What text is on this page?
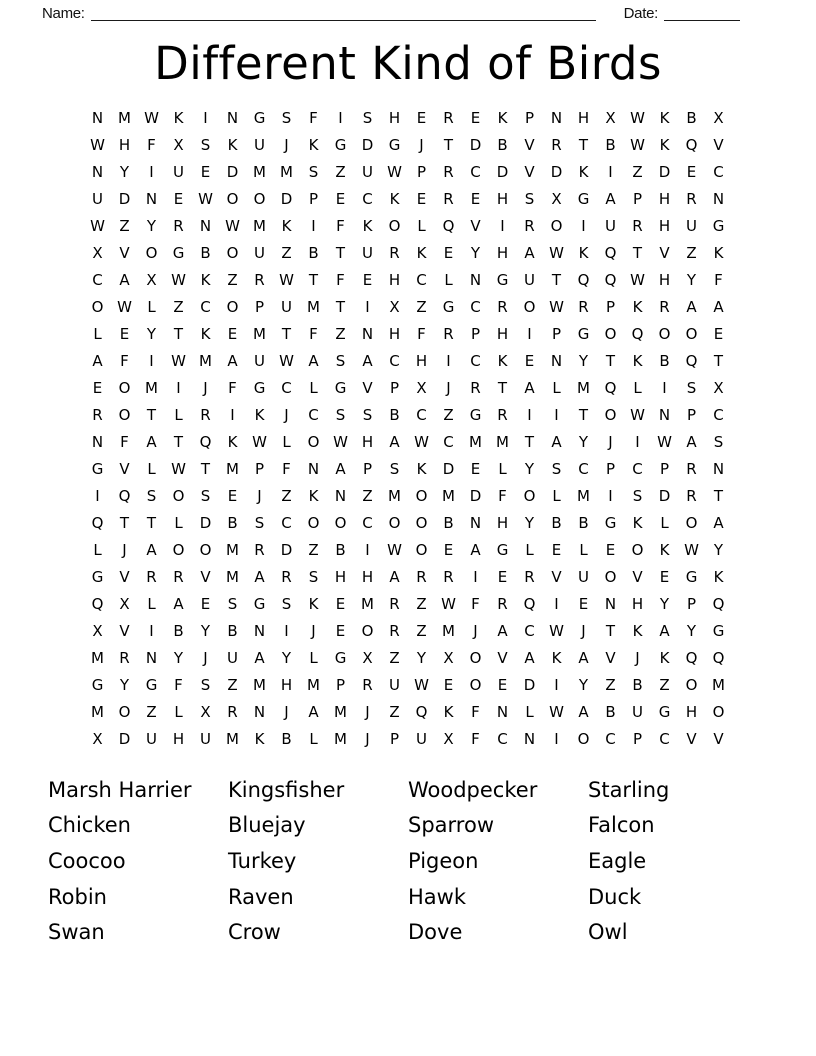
Name:	Date:
Different Kind of Birds
N M W K	I	N	G	S	F	I	S	H	E	R	E	K	P	N	H	X W K	B	X
W H	F	X	S	K	U	J	K	G	D	G	J	T	D	B	V	R	T	B W K	Q	V
N	Y	I	U	E	D M M	S	Z	U W	P	R	C	D	V	D	K	I	Z	D	E	C
U	D	N	E W O	O	D	P	E	C	K	E	R	E	H	S	X	G	A	P	H	R	N
W Z	Y	R	N W M	K	I	F	K	O	L	Q	V	I	R	O	I	U	R	H	U	G
X	V	O	G	B	O	U	Z	B	T	U	R	K	E	Y	H	A W K	Q	T	V	Z	K
C	A	X W K	Z	R W T	F	E	H	C	L	N	G	U	T	Q	Q W H	Y	F
O W	L	Z	C	O	P	U	M	T	I	X	Z	G	C	R	O W R	P	K	R	A	A
L	E	Y	T	K	E	M	T	F	Z	N	H	F	R	P	H	I	P	G	O	Q	O	O	E
A	F	I	W M	A	U W A	S	A	C	H	I	C	K	E	N	Y	T	K	B	Q	T
E	O M	I	J	F	G	C	L	G	V	P	X	J	R	T	A	L	M Q	L	I	S	X
R	O	T	L	R	I	K	J	C	S	S	B	C	Z	G	R	I	I	T	O W N	P	C
N	F	A	T	Q	K W	L	O W H	A W C	M M	T	A	Y	J	I	W A	S
G	V	L	W T	M	P	F	N	A	P	S	K	D	E	L	Y	S	C	P	C	P	R	N
I	Q	S	O	S	E	J	Z	K	N	Z	M O M D	F	O	L	M	I	S	D	R	T
Q	T	T	L	D	B	S	C	O	O	C	O	O	B	N	H	Y	B	B	G	K	L	O	A
L	J	A	O	O M	R	D	Z	B	I	W O	E	A	G	L	E	L	E	O	K W Y
G	V	R	R	V	M	A	R	S	H	H	A	R	R	I	E	R	V	U	O	V	E	G	K
Q	X	L	A	E	S	G	S	K	E	M	R	Z W	F	R	Q	I	E	N	H	Y	P	Q
X	V	I	B	Y	B	N	I	J	E	O	R	Z	M	J	A	C W	J	T	K	A	Y	G
M	R	N	Y	J	U	A	Y	L	G	X	Z	Y	X	O	V	A	K	A	V	J	K	Q	Q
G	Y	G	F	S	Z	M H M	P	R	U W E	O	E	D	I	Y	Z	B	Z	O M
M O	Z	L	X	R	N	J	A	M	J	Z	Q	K	F	N	L	W A	B	U	G	H	O
X	D	U	H	U	M	K	B	L	M	J	P	U	X	F	C	N	I	O	C	P	C	V	V
Marsh Harrier
Chicken
Coocoo
Robin
Swan
Kingsfisher
Bluejay
Turkey
Raven
Crow
Woodpecker
Sparrow
Pigeon
Hawk
Dove
Starling
Falcon
Eagle
Duck
Owl
